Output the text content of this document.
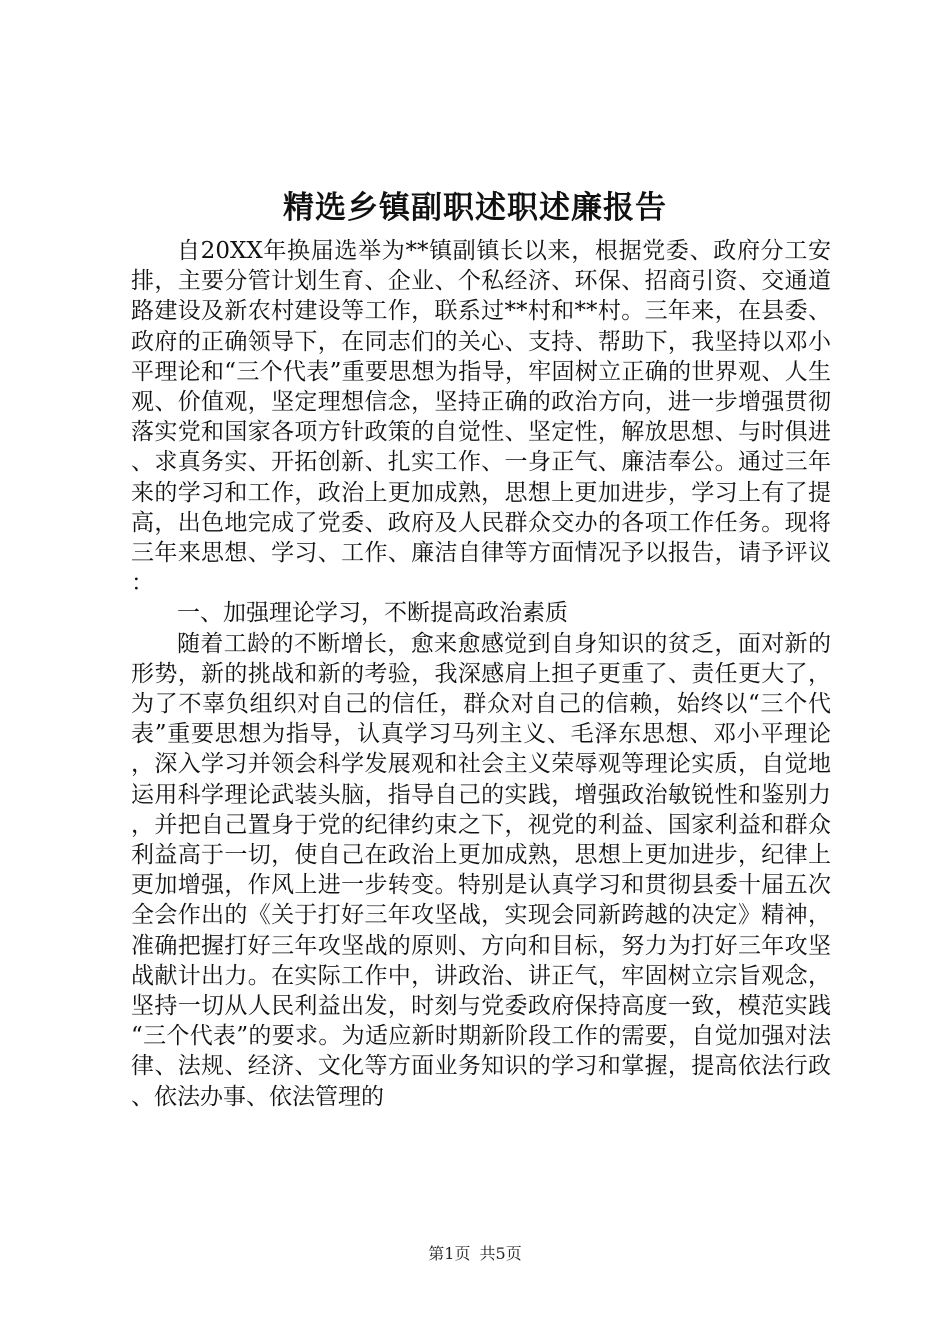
精选乡镇副职述职述廉报告

自20XX年换届选举为**镇副镇长以来，根据党委、政府分工安排，主要分管计划生育、企业、个私经济、环保、招商引资、交通道路建设及新农村建设等工作，联系过**村和**村。三年来，在县委、政府的正确领导下，在同志们的关心、支持、帮助下，我坚持以邓小平理论和“三个代表”重要思想为指导，牢固树立正确的世界观、人生观、价值观，坚定理想信念，坚持正确的政治方向，进一步增强贯彻落实党和国家各项方针政策的自觉性、坚定性，解放思想、与时俱进、求真务实、开拓创新、扎实工作、一身正气、廉洁奉公。通过三年来的学习和工作，政治上更加成熟，思想上更加进步，学习上有了提高，出色地完成了党委、政府及人民群众交办的各项工作任务。现将三年来思想、学习、工作、廉洁自律等方面情况予以报告，请予评议：

一、加强理论学习，不断提高政治素质

随着工龄的不断增长，愈来愈感觉到自身知识的贫乏，面对新的形势，新的挑战和新的考验，我深感肩上担子更重了、责任更大了，为了不辜负组织对自己的信任，群众对自己的信赖，始终以“三个代表”重要思想为指导，认真学习马列主义、毛泽东思想、邓小平理论，深入学习并领会科学发展观和社会主义荣辱观等理论实质，自觉地运用科学理论武装头脑，指导自己的实践，增强政治敏锐性和鉴别力，并把自己置身于党的纪律约束之下，视党的利益、国家利益和群众利益高于一切，使自己在政治上更加成熟，思想上更加进步，纪律上更加增强，作风上进一步转变。特别是认真学习和贯彻县委十届五次全会作出的《关于打好三年攻坚战，实现会同新跨越的决定》精神，准确把握打好三年攻坚战的原则、方向和目标，努力为打好三年攻坚战献计出力。在实际工作中，讲政治、讲正气，牢固树立宗旨观念，坚持一切从人民利益出发，时刻与党委政府保持高度一致，模范实践“三个代表”的要求。为适应新时期新阶段工作的需要，自觉加强对法律、法规、经济、文化等方面业务知识的学习和掌握，提高依法行政、依法办事、依法管理的

第1页 共5页
